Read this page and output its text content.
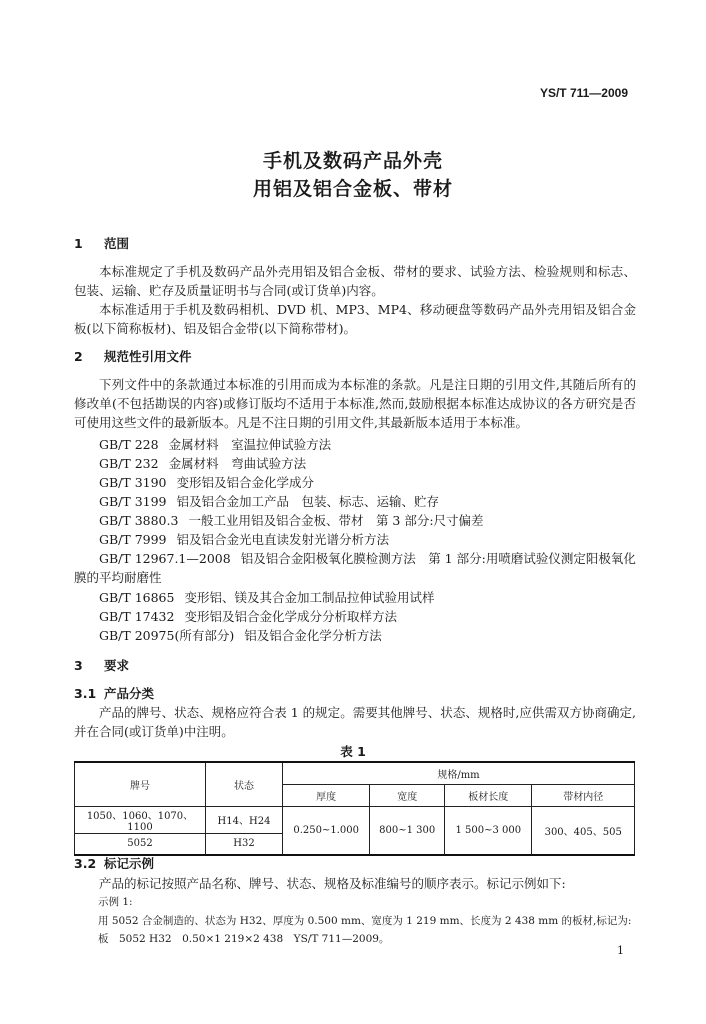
YS/T 711—2009
手机及数码产品外壳
用铝及铝合金板、带材
1 范围
本标准规定了手机及数码产品外壳用铝及铝合金板、带材的要求、试验方法、检验规则和标志、包装、运输、贮存及质量证明书与合同(或订货单)内容。
本标准适用于手机及数码相机、DVD 机、MP3、MP4、移动硬盘等数码产品外壳用铝及铝合金板(以下简称板材)、铝及铝合金带(以下简称带材)。
2 规范性引用文件
下列文件中的条款通过本标准的引用而成为本标准的条款。凡是注日期的引用文件,其随后所有的修改单(不包括勘误的内容)或修订版均不适用于本标准,然而,鼓励根据本标准达成协议的各方研究是否可使用这些文件的最新版本。凡是不注日期的引用文件,其最新版本适用于本标准。
GB/T 228 金属材料　室温拉伸试验方法
GB/T 232 金属材料　弯曲试验方法
GB/T 3190 变形铝及铝合金化学成分
GB/T 3199 铝及铝合金加工产品　包装、标志、运输、贮存
GB/T 3880.3 一般工业用铝及铝合金板、带材　第 3 部分:尺寸偏差
GB/T 7999 铝及铝合金光电直读发射光谱分析方法
GB/T 12967.1—2008 铝及铝合金阳极氧化膜检测方法　第 1 部分:用喷磨试验仪测定阳极氧化膜的平均耐磨性
GB/T 16865 变形铝、镁及其合金加工制品拉伸试验用试样
GB/T 17432 变形铝及铝合金化学成分分析取样方法
GB/T 20975(所有部分) 铝及铝合金化学分析方法
3 要求
3.1 产品分类
产品的牌号、状态、规格应符合表 1 的规定。需要其他牌号、状态、规格时,应供需双方协商确定,并在合同(或订货单)中注明。
表 1
牌号	状态	规格/mm			
		厚度	宽度	板材长度	带材内径
1050、1060、1070、1100	H14、H24	0.250~1.000	800~1 300	1 500~3 000	300、405、505
5052	H32				
3.2 标记示例
产品的标记按照产品名称、牌号、状态、规格及标准编号的顺序表示。标记示例如下:
示例 1:
用 5052 合金制造的、状态为 H32、厚度为 0.500 mm、宽度为 1 219 mm、长度为 2 438 mm 的板材,标记为:
板　5052 H32　0.50×1 219×2 438　YS/T 711—2009。
1
